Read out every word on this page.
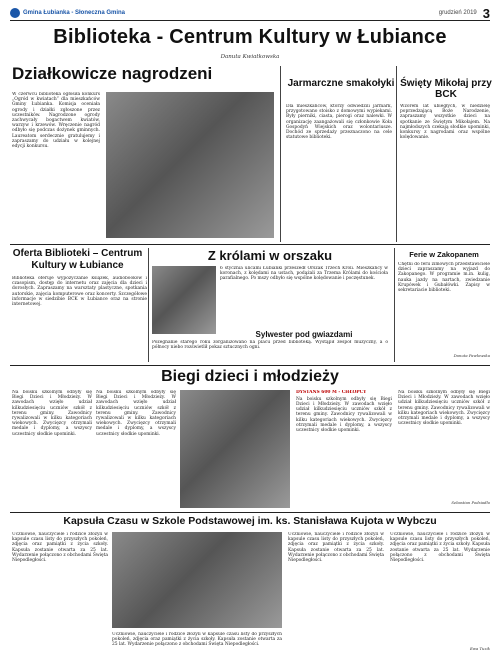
Gmina Łubianka - Słoneczna Gmina	grudzień 2019 3
Biblioteka - Centrum Kultury w Łubiance
Danuta Kwiatkowska
Działkowicze nagrodzeni

W czerwcu biblioteka ogłosiła konkurs „Ogród w kwiatach” dla mieszkańców Gminy Łubianka. Komisja oceniała ogrody i działki zgłoszone przez uczestników. Nagrodzone ogrody zachwycały bogactwem kwiatów, warzyw i krzewów. Wręczenie nagród odbyło się podczas dożynek gminnych. Laureatom serdecznie gratulujemy i zapraszamy do udziału w kolejnej edycji konkursu.

Jarmarczne smakołyki

Dla mieszkańców, którzy odwiedzili jarmark, przygotowano stoisko z domowymi wypiekami. Były pierniki, ciasta, pierogi oraz nalewki. W organizację zaangażowali się członkowie Koła Gospodyń Wiejskich oraz wolontariusze. Dochód ze sprzedaży przeznaczono na cele statutowe biblioteki.

Święty Mikołaj przy BCK

Wzorem lat ubiegłych, w niedzielę poprzedzającą Boże Narodzenie, zapraszamy wszystkie dzieci na spotkanie ze Świętym Mikołajem. Na najmłodszych czekają słodkie upominki, konkursy z nagrodami oraz wspólne kolędowanie.

Oferta Biblioteki – Centrum Kultury w Łubiance

Biblioteka oferuje wypożyczanie książek, audiobooków i czasopism, dostęp do internetu oraz zajęcia dla dzieci i dorosłych. Zapraszamy na warsztaty plastyczne, spotkania autorskie, zajęcia komputerowe oraz koncerty. Szczegółowe informacje w siedzibie BCK w Łubiance oraz na stronie internetowej.

Z królami w orszaku

6 stycznia ulicami Łubianki przeszedł Orszak Trzech Króli. Mieszkańcy w koronach, z kolędami na ustach, podążali za Trzema Królami do kościoła parafialnego. Po mszy odbyło się wspólne kolędowanie i poczęstunek.

Sylwester pod gwiazdami

Pożegnanie starego roku zorganizowano na placu przed biblioteką. Wystąpił zespół muzyczny, a o północy niebo rozświetlił pokaz sztucznych ogni.

Ferie w Zakopanem

Chętni do ferii zimowych przedstawiciele dzieci zapraszamy na wyjazd do Zakopanego. W programie m.in. kulig, nauka jazdy na nartach, zwiedzanie Krupówek i Gubałówki. Zapisy w sekretariacie biblioteki.

Danuta Pawłowska
Biegi dzieci i młodzieży

Na boisku szkolnym odbyły się Biegi Dzieci i Młodzieży. W zawodach wzięło udział kilkudziesięciu uczniów szkół z terenu gminy. Zawodnicy rywalizowali w kilku kategoriach wiekowych. Zwycięzcy otrzymali medale i dyplomy, a wszyscy uczestnicy słodkie upominki.

Na boisku szkolnym odbyły się Biegi Dzieci i Młodzieży. W zawodach wzięło udział kilkudziesięciu uczniów szkół z terenu gminy. Zawodnicy rywalizowali w kilku kategoriach wiekowych. Zwycięzcy otrzymali medale i dyplomy, a wszyscy uczestnicy słodkie upominki.

DYSTANS 600 M - CHŁOPCY

Na boisku szkolnym odbyły się Biegi Dzieci i Młodzieży. W zawodach wzięło udział kilkudziesięciu uczniów szkół z terenu gminy. Zawodnicy rywalizowali w kilku kategoriach wiekowych. Zwycięzcy otrzymali medale i dyplomy, a wszyscy uczestnicy słodkie upominki.

Na boisku szkolnym odbyły się Biegi Dzieci i Młodzieży. W zawodach wzięło udział kilkudziesięciu uczniów szkół z terenu gminy. Zawodnicy rywalizowali w kilku kategoriach wiekowych. Zwycięzcy otrzymali medale i dyplomy, a wszyscy uczestnicy słodkie upominki.

Sebastian Podsiadło
Kapsuła Czasu w Szkole Podstawowej im. ks. Stanisława Kujota w Wybczu

Uczniowie, nauczyciele i rodzice złożyli w kapsule czasu listy do przyszłych pokoleń, zdjęcia oraz pamiątki z życia szkoły. Kapsuła zostanie otwarta za 25 lat. Wydarzenie połączono z obchodami Święta Niepodległości.

Uczniowie, nauczyciele i rodzice złożyli w kapsule czasu listy do przyszłych pokoleń, zdjęcia oraz pamiątki z życia szkoły. Kapsuła zostanie otwarta za 25 lat. Wydarzenie połączono z obchodami Święta Niepodległości.

Uczniowie, nauczyciele i rodzice złożyli w kapsule czasu listy do przyszłych pokoleń, zdjęcia oraz pamiątki z życia szkoły. Kapsuła zostanie otwarta za 25 lat. Wydarzenie połączono z obchodami Święta Niepodległości.

Uczniowie, nauczyciele i rodzice złożyli w kapsule czasu listy do przyszłych pokoleń, zdjęcia oraz pamiątki z życia szkoły. Kapsuła zostanie otwarta za 25 lat. Wydarzenie połączono z obchodami Święta Niepodległości.

Ewa Tuzik
